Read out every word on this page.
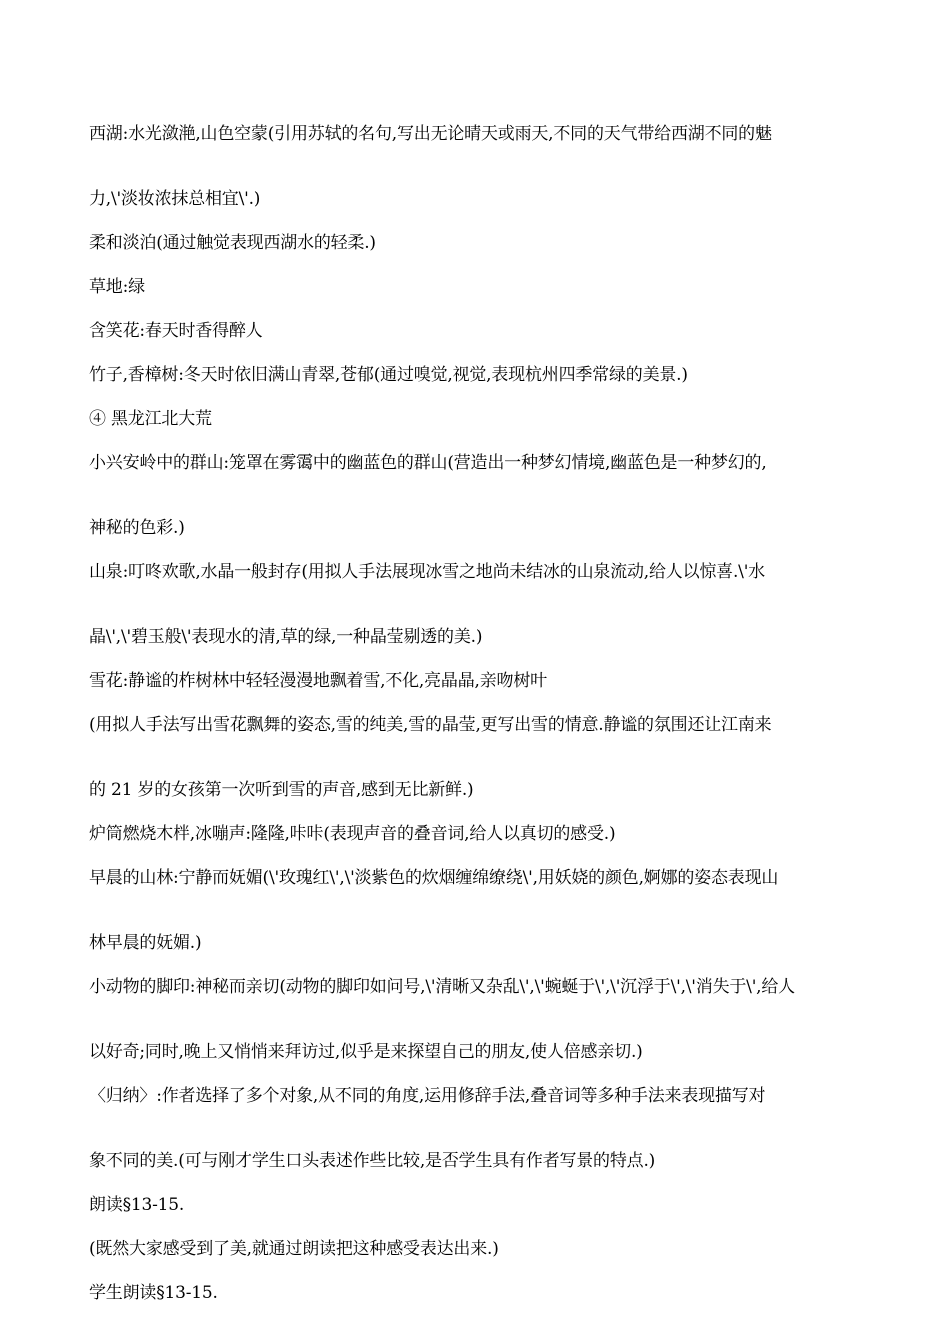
西湖:水光潋滟,山色空蒙(引用苏轼的名句,写出无论晴天或雨天,不同的天气带给西湖不同的魅

力,\'淡妆浓抹总相宜\'.)

柔和淡泊(通过触觉表现西湖水的轻柔.)

草地:绿

含笑花:春天时香得醉人

竹子,香樟树:冬天时依旧满山青翠,苍郁(通过嗅觉,视觉,表现杭州四季常绿的美景.)

④ 黑龙江北大荒

小兴安岭中的群山:笼罩在雾霭中的幽蓝色的群山(营造出一种梦幻情境,幽蓝色是一种梦幻的,

神秘的色彩.)

山泉:叮咚欢歌,水晶一般封存(用拟人手法展现冰雪之地尚未结冰的山泉流动,给人以惊喜.\'水

晶\',\'碧玉般\'表现水的清,草的绿,一种晶莹剔透的美.)

雪花:静谧的柞树林中轻轻漫漫地飘着雪,不化,亮晶晶,亲吻树叶

(用拟人手法写出雪花飘舞的姿态,雪的纯美,雪的晶莹,更写出雪的情意.静谧的氛围还让江南来

的 21 岁的女孩第一次听到雪的声音,感到无比新鲜.)

炉筒燃烧木柈,冰嘣声:隆隆,咔咔(表现声音的叠音词,给人以真切的感受.)

早晨的山林:宁静而妩媚(\'玫瑰红\',\'淡紫色的炊烟缠绵缭绕\',用妖娆的颜色,婀娜的姿态表现山

林早晨的妩媚.)

小动物的脚印:神秘而亲切(动物的脚印如问号,\'清晰又杂乱\',\'蜿蜒于\',\'沉浮于\',\'消失于\',给人

以好奇;同时,晚上又悄悄来拜访过,似乎是来探望自己的朋友,使人倍感亲切.)

〈归纳〉:作者选择了多个对象,从不同的角度,运用修辞手法,叠音词等多种手法来表现描写对

象不同的美.(可与刚才学生口头表述作些比较,是否学生具有作者写景的特点.)

朗读§13-15.

(既然大家感受到了美,就通过朗读把这种感受表达出来.)

学生朗读§13-15.
